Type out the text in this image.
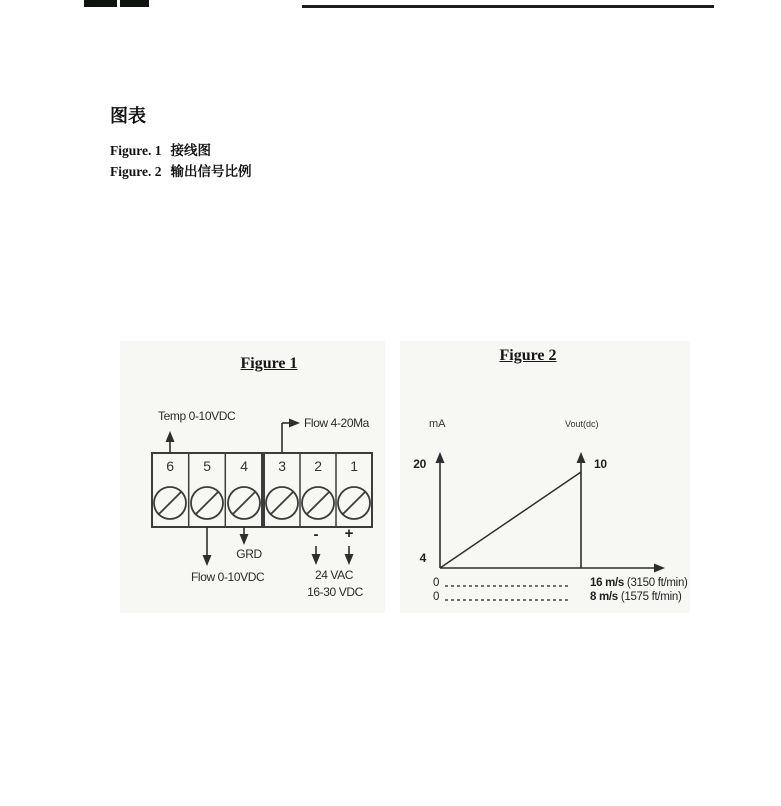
图表
Figure. 1 接线图
Figure. 2 输出信号比例
Figure 1
6	5	4	3	2	1
Temp 0-10VDC	Flow 4-20Ma
GRD
Flow 0-10VDC
-	+
24 VAC
16-30 VDC
Figure 2
mA	Vout(dc)
20	10
4
0	16 m/s (3150 ft/min)
0	8 m/s (1575 ft/min)
